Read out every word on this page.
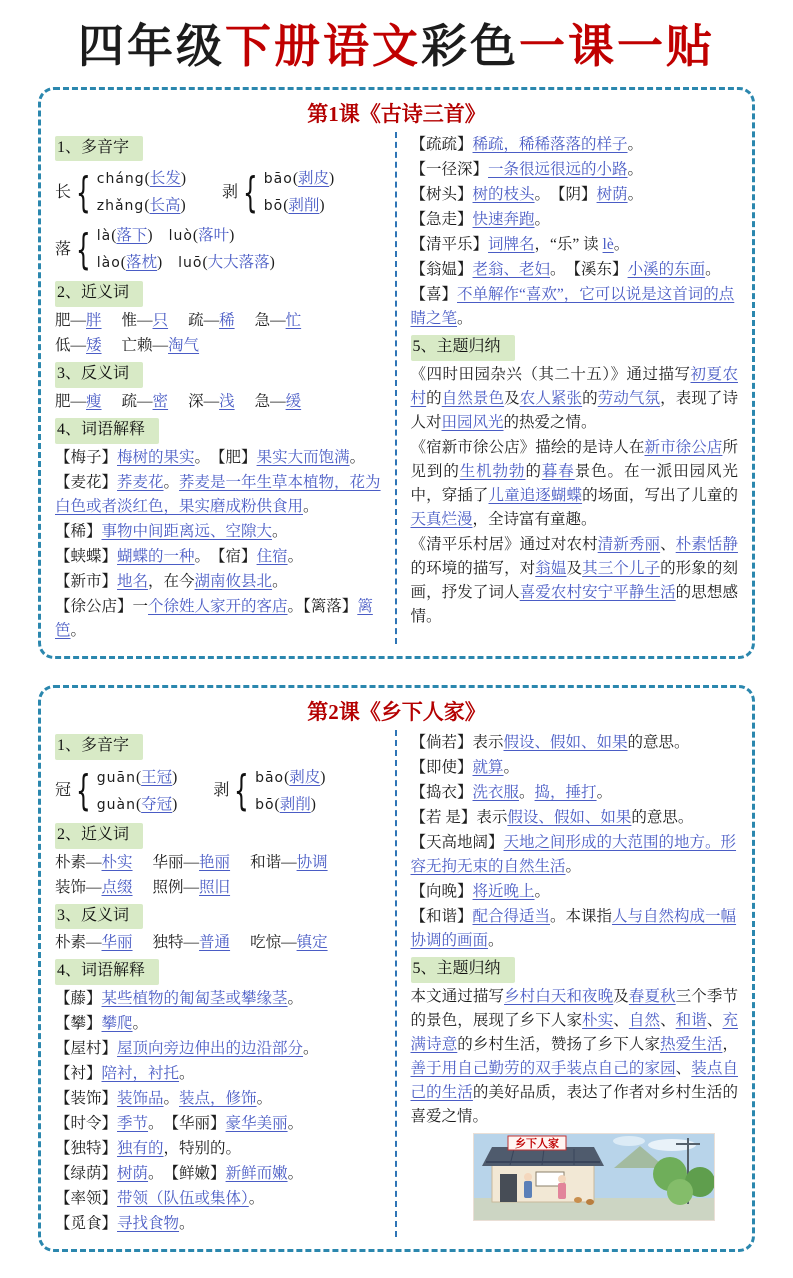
四年级下册语文彩色一课一贴
第1课《古诗三首》
1、多音字
长 { cháng(长发)
zhǎng(长高)
剥 { bāo(剥皮)
bō(剥削)
落 { là(落下) luò(落叶)
lào(落枕) luō(大大落落)
2、近义词
肥—胖 惟—只 疏—稀 急—忙
低—矮 亡赖—淘气
3、反义词
肥—瘦 疏—密 深—浅 急—缓
4、词语解释
【梅子】梅树的果实。　【肥】果实大而饱满。
【麦花】荞麦花。荞麦是一年生草本植物，花为白色或者淡红色，果实磨成粉供食用。
【稀】事物中间距离远、空隙大。
【蛱蝶】蝴蝶的一种。　【宿】住宿。
【新市】地名，在今湖南攸县北。
【徐公店】一个徐姓人家开的客店。【篱落】篱笆。
【疏疏】稀疏，稀稀落落的样子。
【一径深】一条很远很远的小路。
【树头】树的枝头。　【阴】树荫。
【急走】快速奔跑。
【清平乐】词牌名，“乐” 读 lè。
【翁媪】老翁、老妇。　【溪东】小溪的东面。
【喜】不单解作“喜欢”，它可以说是这首词的点睛之笔。
5、主题归纳
《四时田园杂兴（其二十五）》通过描写初夏农村的自然景色及农人紧张的劳动气氛，表现了诗人对田园风光的热爱之情。
《宿新市徐公店》描绘的是诗人在新市徐公店所见到的生机勃勃的暮春景色。在一派田园风光中，穿插了儿童追逐蝴蝶的场面，写出了儿童的天真烂漫，全诗富有童趣。
《清平乐村居》通过对农村清新秀丽、朴素恬静的环境的描写，对翁媪及其三个儿子的形象的刻画，抒发了词人喜爱农村安宁平静生活的思想感情。
第2课《乡下人家》
1、多音字
冠 { guān(王冠)
guàn(夺冠)
剥 { bāo(剥皮)
bō(剥削)
2、近义词
朴素—朴实 华丽—艳丽 和谐—协调
装饰—点缀 照例—照旧
3、反义词
朴素—华丽 独特—普通 吃惊—镇定
4、词语解释
【藤】某些植物的匍匐茎或攀缘茎。
【攀】攀爬。
【屋村】屋顶向旁边伸出的边沿部分。
【衬】陪衬，衬托。
【装饰】装饰品。装点，修饰。
【时令】季节。　【华丽】豪华美丽。
【独特】独有的，特别的。
【绿荫】树荫。　【鲜嫩】新鲜而嫩。
【率领】带领（队伍或集体）。
【觅食】寻找食物。
【倘若】表示假设、假如、如果的意思。
【即使】就算。
【捣衣】洗衣服。捣，捶打。
【若 是】表示假设、假如、如果的意思。
【天高地阔】天地之间形成的大范围的地方。形容无拘无束的自然生活。
【向晚】将近晚上。
【和谐】配合得适当。本课指人与自然构成一幅协调的画面。
5、主题归纳
本文通过描写乡村白天和夜晚及春夏秋三个季节的景色，展现了乡下人家朴实、自然、和谐、充满诗意的乡村生活，赞扬了乡下人家热爱生活，善于用自己勤劳的双手装点自己的家园、装点自己的生活的美好品质，表达了作者对乡村生活的喜爱之情。
乡下人家
